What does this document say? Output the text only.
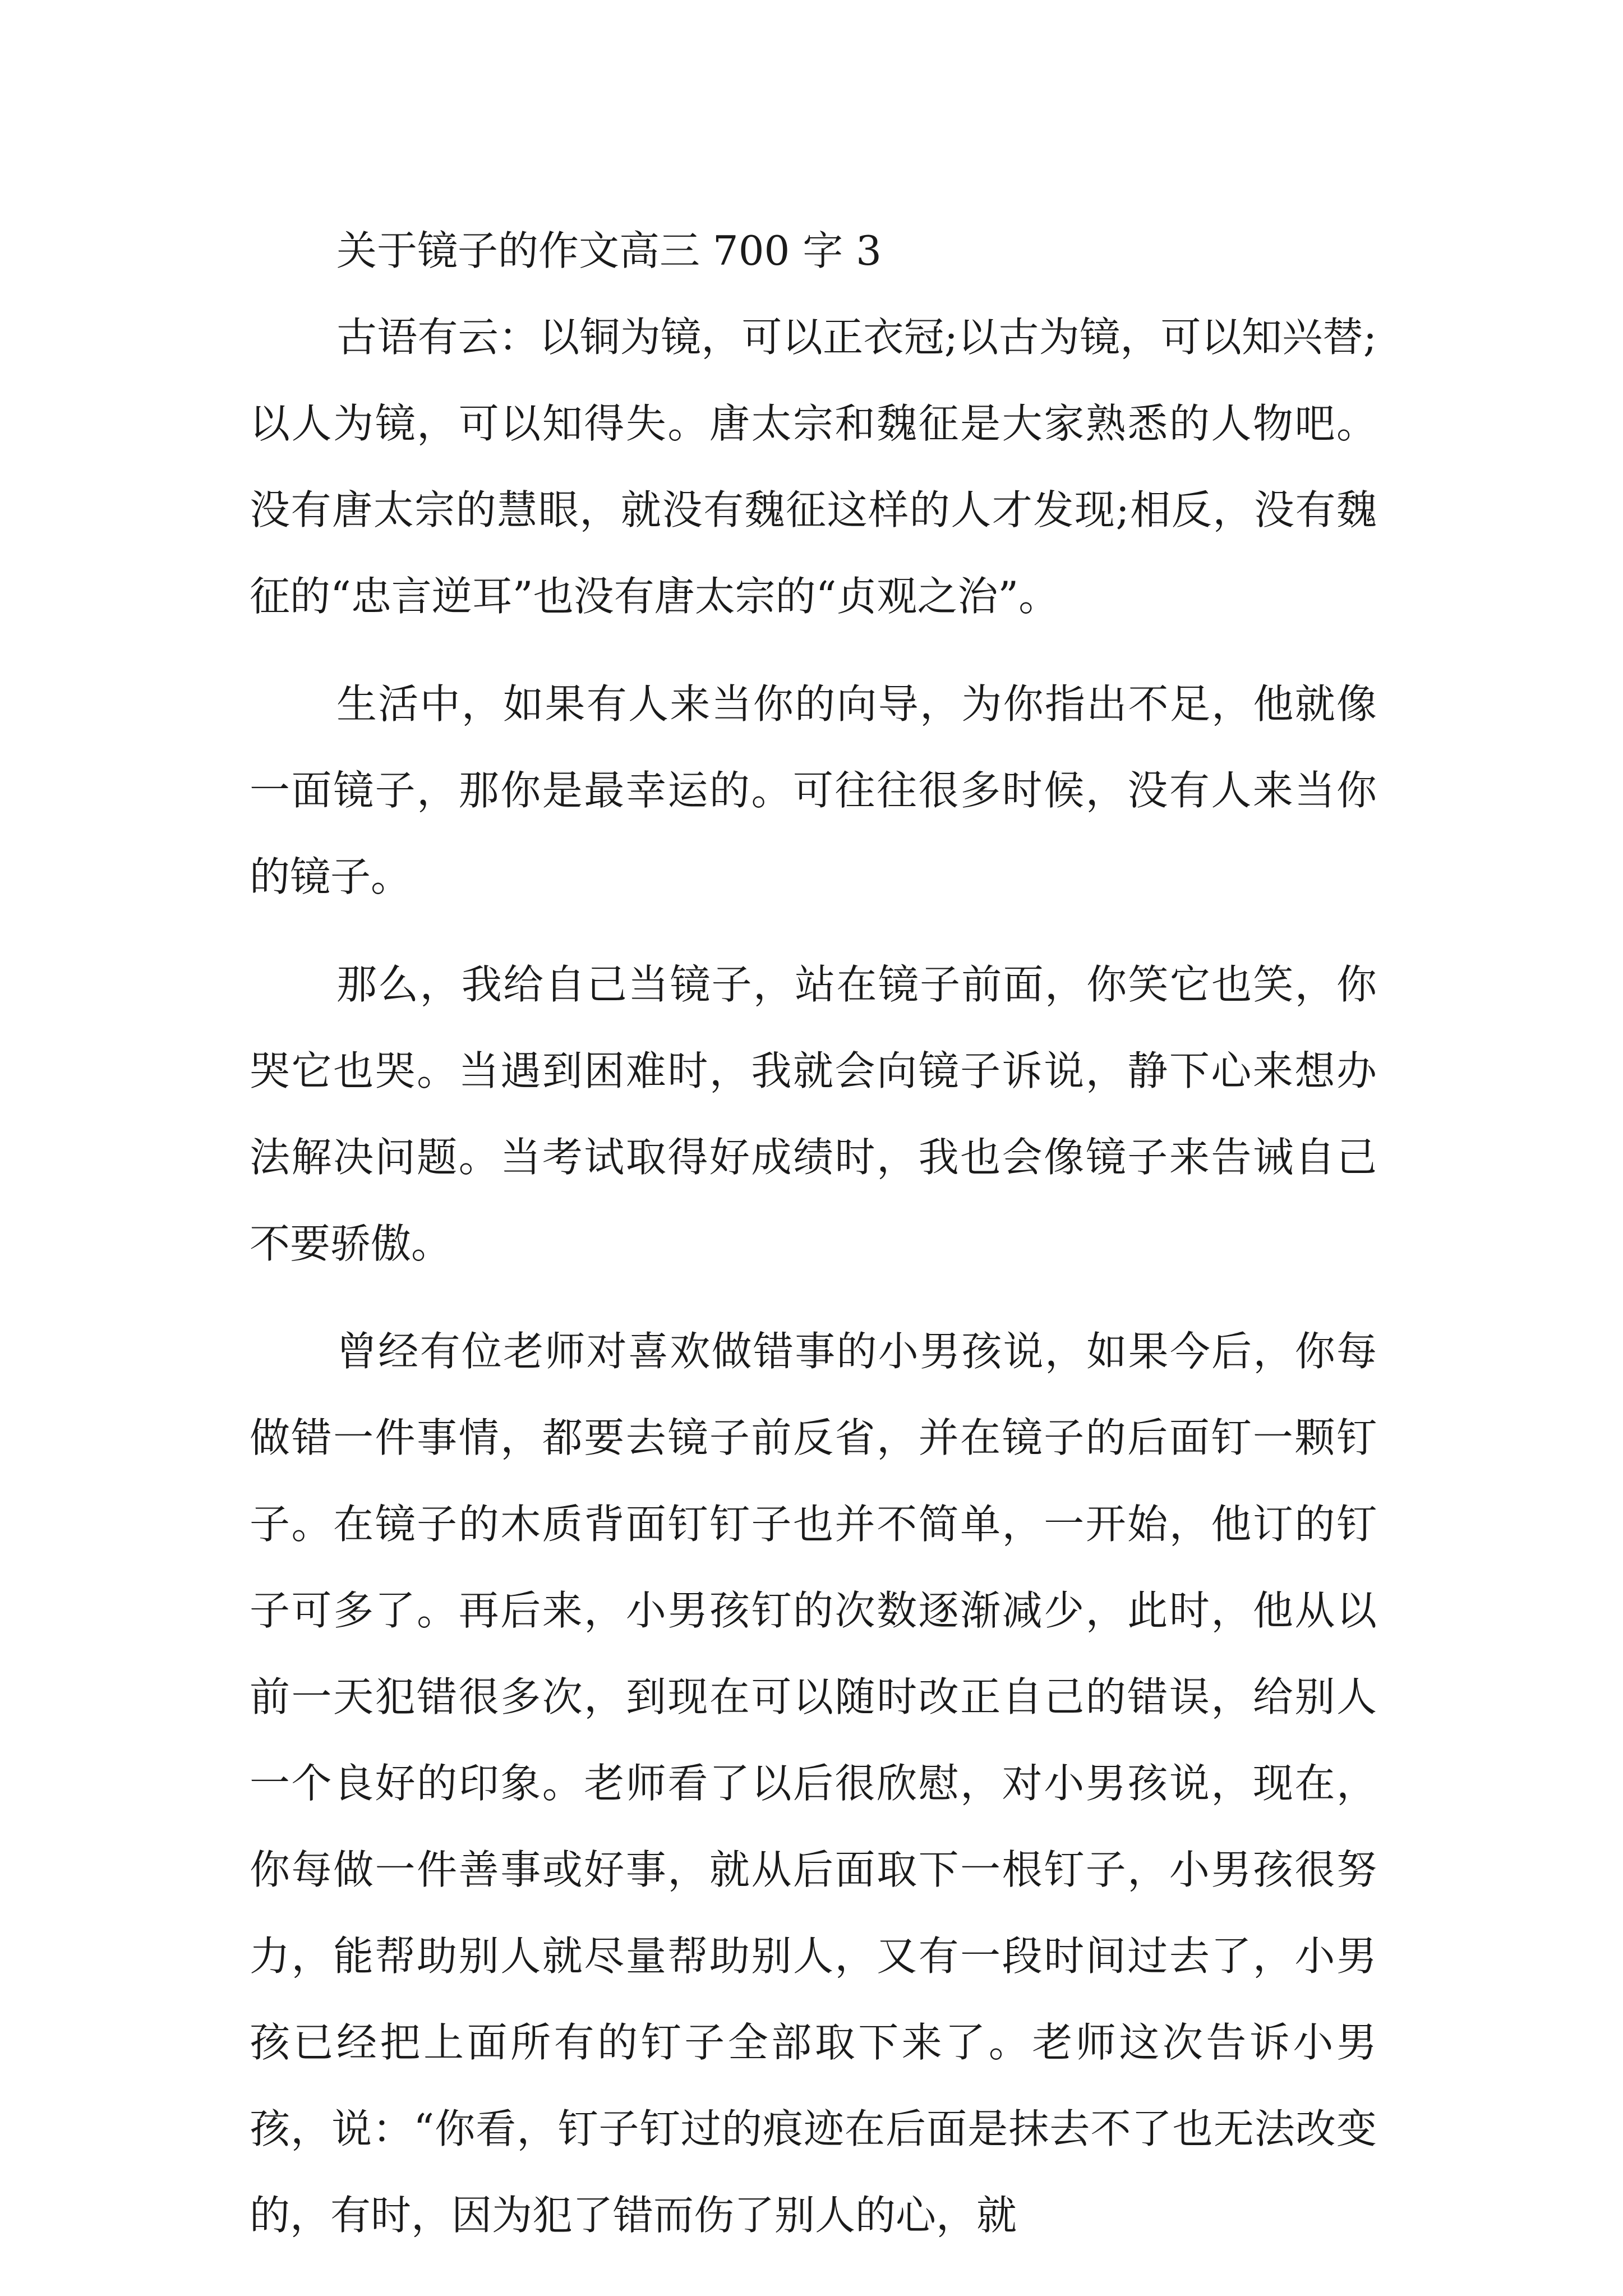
关于镜子的作文高三 700 字 3

古语有云：以铜为镜，可以正衣冠;以古为镜，可以知兴替;以人为镜，可以知得失。唐太宗和魏征是大家熟悉的人物吧。没有唐太宗的慧眼，就没有魏征这样的人才发现;相反，没有魏征的“忠言逆耳”也没有唐太宗的“贞观之治”。

生活中，如果有人来当你的向导，为你指出不足，他就像一面镜子，那你是最幸运的。可往往很多时候，没有人来当你的镜子。

那么，我给自己当镜子，站在镜子前面，你笑它也笑，你哭它也哭。当遇到困难时，我就会向镜子诉说，静下心来想办法解决问题。当考试取得好成绩时，我也会像镜子来告诫自己不要骄傲。

曾经有位老师对喜欢做错事的小男孩说，如果今后，你每做错一件事情，都要去镜子前反省，并在镜子的后面钉一颗钉子。在镜子的木质背面钉钉子也并不简单，一开始，他订的钉子可多了。再后来，小男孩钉的次数逐渐减少，此时，他从以前一天犯错很多次，到现在可以随时改正自己的错误，给别人一个良好的印象。老师看了以后很欣慰，对小男孩说，现在，你每做一件善事或好事，就从后面取下一根钉子，小男孩很努力，能帮助别人就尽量帮助别人，又有一段时间过去了，小男孩已经把上面所有的钉子全部取下来了。老师这次告诉小男孩，说：“你看，钉子钉过的痕迹在后面是抹去不了也无法改变的，有时，因为犯了错而伤了别人的心，就
